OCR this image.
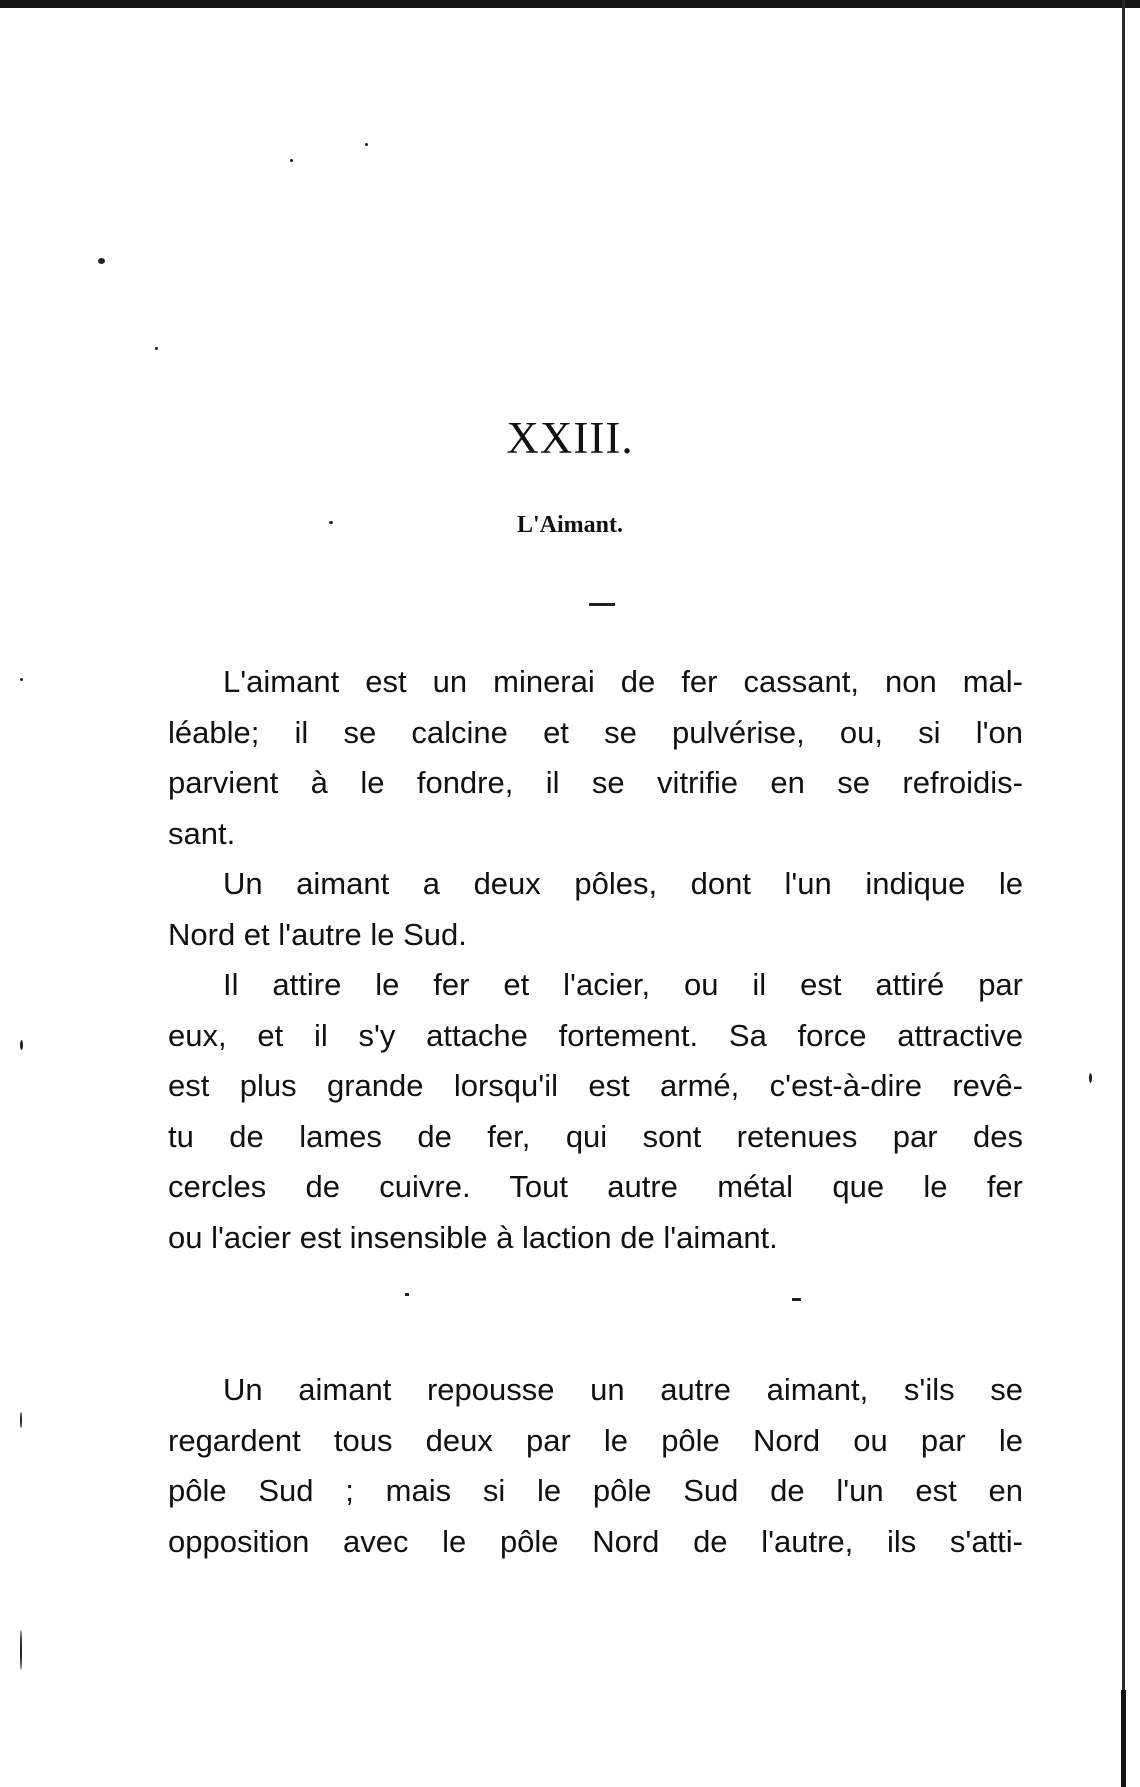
XXIII.
L'Aimant.
L'aimant est un minerai de fer cassant, non mal-
léable; il se calcine et se pulvérise, ou, si l'on
parvient à le fondre, il se vitrifie en se refroidis-
sant.
Un aimant a deux pôles, dont l'un indique le
Nord et l'autre le Sud.
Il attire le fer et l'acier, ou il est attiré par
eux, et il s'y attache fortement. Sa force attractive
est plus grande lorsqu'il est armé, c'est-à-dire revê-
tu de lames de fer, qui sont retenues par des
cercles de cuivre. Tout autre métal que le fer
ou l'acier est insensible à laction de l'aimant.
Un aimant repousse un autre aimant, s'ils se
regardent tous deux par le pôle Nord ou par le
pôle Sud ; mais si le pôle Sud de l'un est en
opposition avec le pôle Nord de l'autre, ils s'atti-
